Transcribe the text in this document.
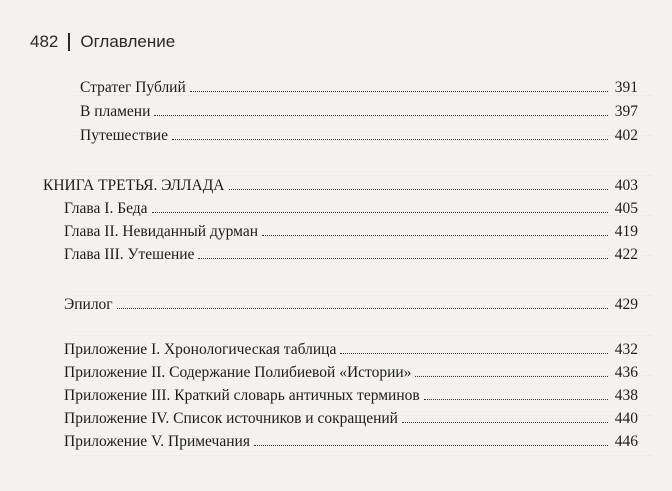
482 Оглавление
Стратег Публий	391
В пламени	397
Путешествие	402
КНИГА ТРЕТЬЯ. ЭЛЛАДА	403
Глава I. Беда	405
Глава II. Невиданный дурман	419
Глава III. Утешение	422
Эпилог	429
Приложение I. Хронологическая таблица	432
Приложение II. Содержание Полибиевой «Истории»	436
Приложение III. Краткий словарь античных терминов	438
Приложение IV. Список источников и сокращений	440
Приложение V. Примечания	446
